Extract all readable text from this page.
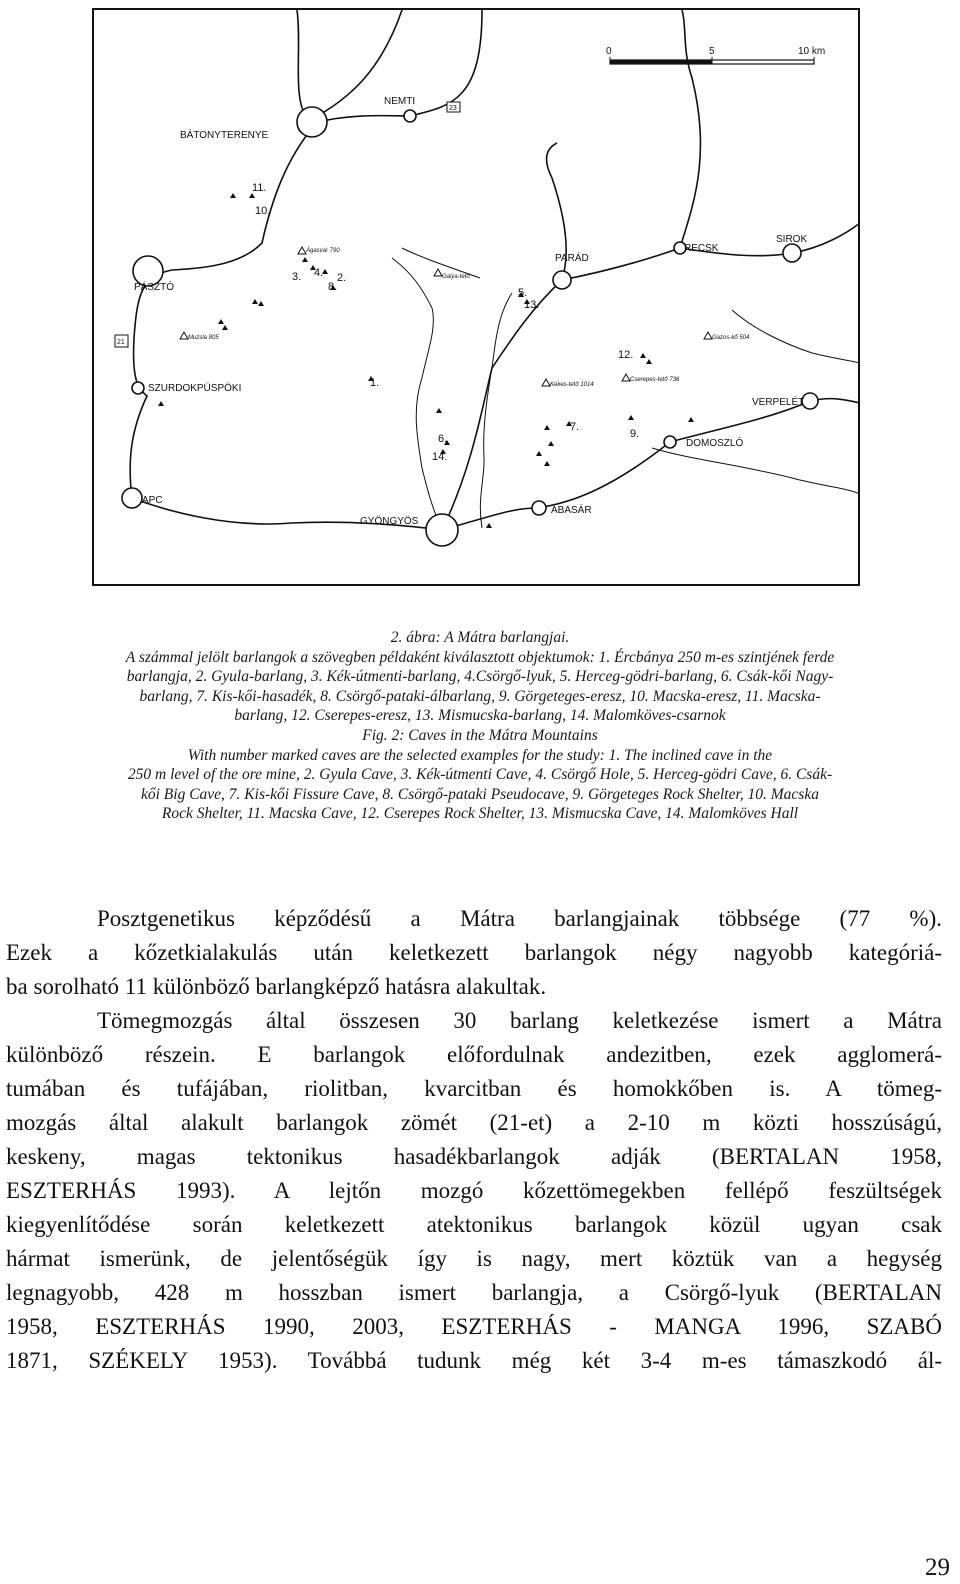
0	5	10 km
23
21
BÁTONYTERENYE
NEMTI
PÁSZTÓ
PARÁD
RECSK
SIROK
SZURDOKPÜSPÖKI
VERPELÉT
DOMOSZLÓ
APC
GYÖNGYÖS
ABASÁR
Ágasvár 790
Galya-tető
Muzsla 805
Kékes-tető 1014
Gazos-kő 504
Cserepes-tető 736
1.
2.
3. 4.
5.
6.
7.
8.
9.
10.
11.
12.
13.
14.
2. ábra: A Mátra barlangjai.
A számmal jelölt barlangok a szövegben példaként kiválasztott objektumok: 1. Ércbánya 250 m-es szintjének ferde
barlangja, 2. Gyula-barlang, 3. Kék-útmenti-barlang, 4.Csörgő-lyuk, 5. Herceg-gödri-barlang, 6. Csák-kői Nagy-
barlang, 7. Kis-kői-hasadék, 8. Csörgő-pataki-álbarlang, 9. Görgeteges-eresz, 10. Macska-eresz, 11. Macska-
barlang, 12. Cserepes-eresz, 13. Mismucska-barlang, 14. Malomköves-csarnok
Fig. 2: Caves in the Mátra Mountains
With number marked caves are the selected examples for the study: 1. The inclined cave in the
250 m level of the ore mine, 2. Gyula Cave, 3. Kék-útmenti Cave, 4. Csörgő Hole, 5. Herceg-gödri Cave, 6. Csák-
kői Big Cave, 7. Kis-kői Fissure Cave, 8. Csörgő-pataki Pseudocave, 9. Görgeteges Rock Shelter, 10. Macska
Rock Shelter, 11. Macska Cave, 12. Cserepes Rock Shelter, 13. Mismucska Cave, 14. Malomköves Hall

Posztgenetikus képződésű a Mátra barlangjainak többsége (77 %).

Ezek a kőzetkialakulás után keletkezett barlangok négy nagyobb kategóriá-

ba sorolható 11 különböző barlangképző hatásra alakultak.

Tömegmozgás által összesen 30 barlang keletkezése ismert a Mátra

különböző részein. E barlangok előfordulnak andezitben, ezek agglomerá-

tumában és tufájában, riolitban, kvarcitban és homokkőben is. A tömeg-

mozgás által alakult barlangok zömét (21-et) a 2-10 m közti hosszúságú,

keskeny, magas tektonikus hasadékbarlangok adják (BERTALAN 1958,

ESZTERHÁS 1993). A lejtőn mozgó kőzettömegekben fellépő feszültségek

kiegyenlítődése során keletkezett atektonikus barlangok közül ugyan csak

hármat ismerünk, de jelentőségük így is nagy, mert köztük van a hegység

legnagyobb, 428 m hosszban ismert barlangja, a Csörgő-lyuk (BERTALAN

1958, ESZTERHÁS 1990, 2003, ESZTERHÁS - MANGA 1996, SZABÓ

1871, SZÉKELY 1953). Továbbá tudunk még két 3-4 m-es támaszkodó ál-

29
